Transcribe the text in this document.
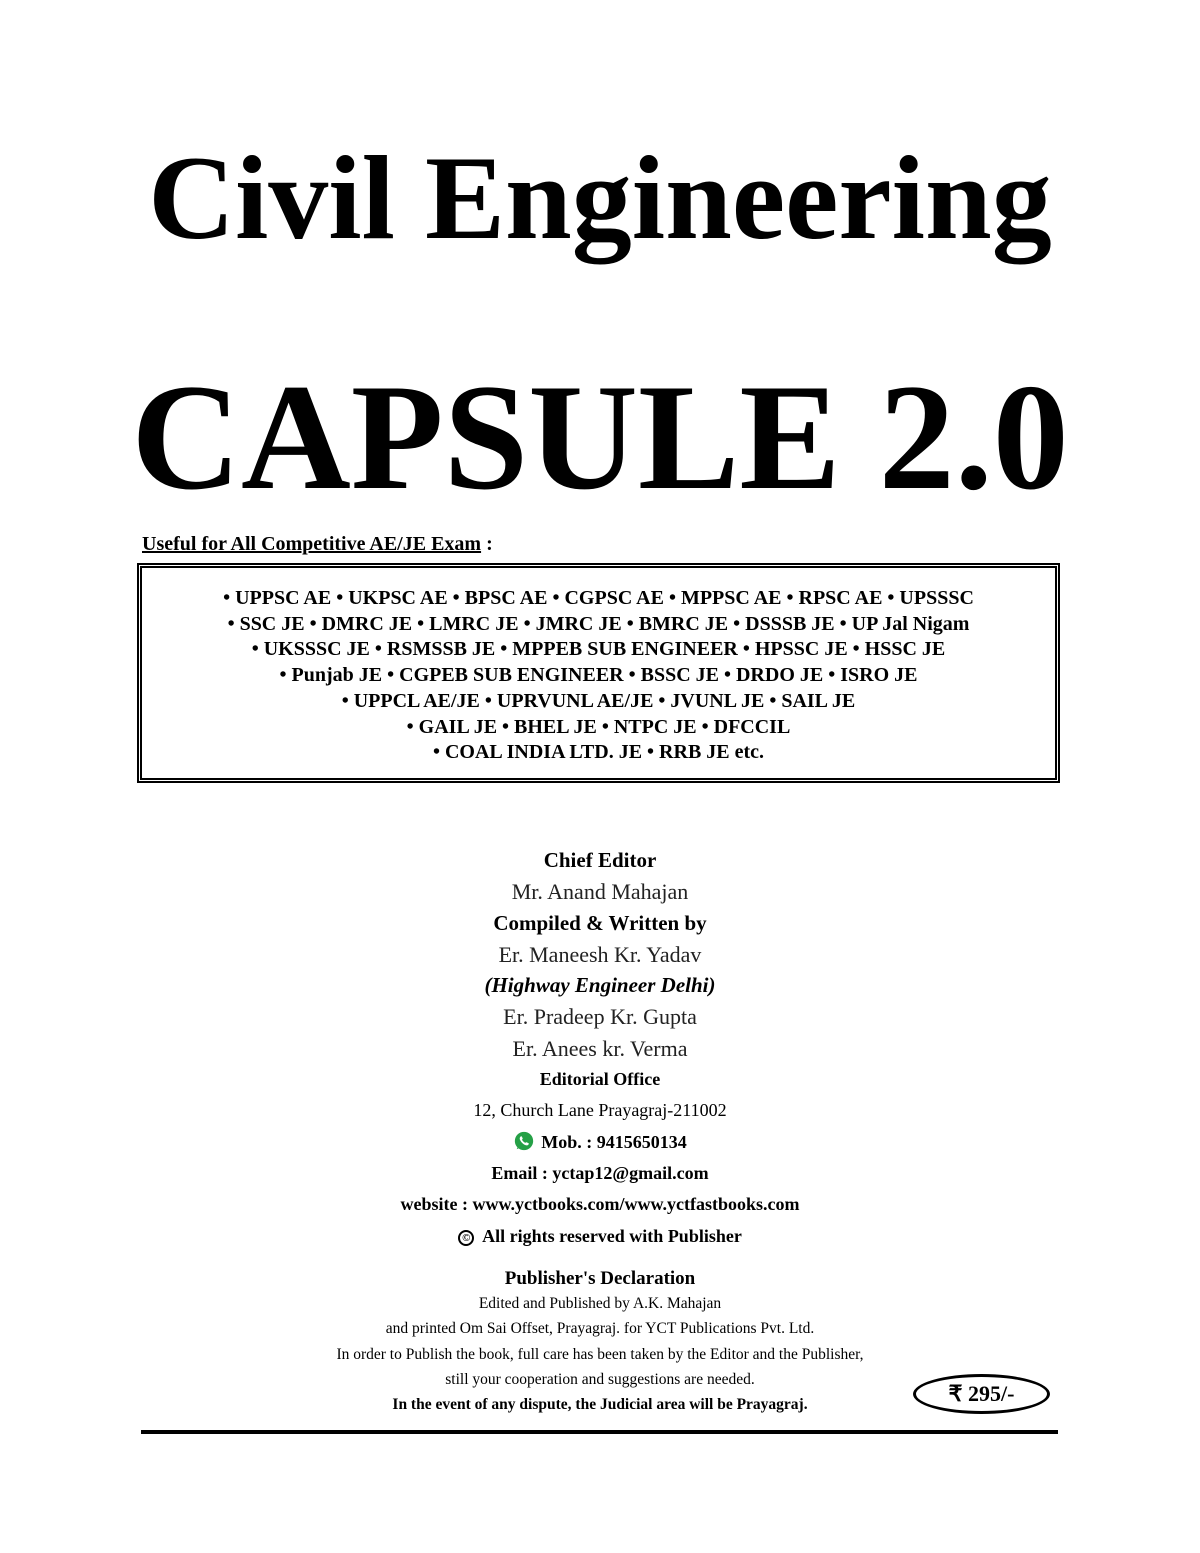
Civil Engineering
CAPSULE 2.0
Useful for All Competitive AE/JE Exam :
• UPPSC AE • UKPSC AE • BPSC AE • CGPSC AE • MPPSC AE • RPSC AE • UPSSSC
• SSC JE • DMRC JE • LMRC JE • JMRC JE • BMRC JE • DSSSB JE • UP Jal Nigam
• UKSSSC JE • RSMSSB JE • MPPEB SUB ENGINEER • HPSSC JE • HSSC JE
• Punjab JE • CGPEB SUB ENGINEER • BSSC JE • DRDO JE • ISRO JE
• UPPCL AE/JE • UPRVUNL AE/JE • JVUNL JE • SAIL JE
• GAIL JE • BHEL JE • NTPC JE • DFCCIL
• COAL INDIA LTD. JE • RRB JE etc.
Chief Editor
Mr. Anand Mahajan
Compiled & Written by
Er. Maneesh Kr. Yadav
(Highway Engineer Delhi)
Er. Pradeep Kr. Gupta
Er. Anees kr. Verma
Editorial Office
12, Church Lane Prayagraj-211002
Mob. : 9415650134
Email : yctap12@gmail.com
website : www.yctbooks.com/www.yctfastbooks.com
© All rights reserved with Publisher
Publisher's Declaration
Edited and Published by A.K. Mahajan
and printed Om Sai Offset, Prayagraj. for YCT Publications Pvt. Ltd.
In order to Publish the book, full care has been taken by the Editor and the Publisher,
still your cooperation and suggestions are needed.
In the event of any dispute, the Judicial area will be Prayagraj.	₹ 295/-
